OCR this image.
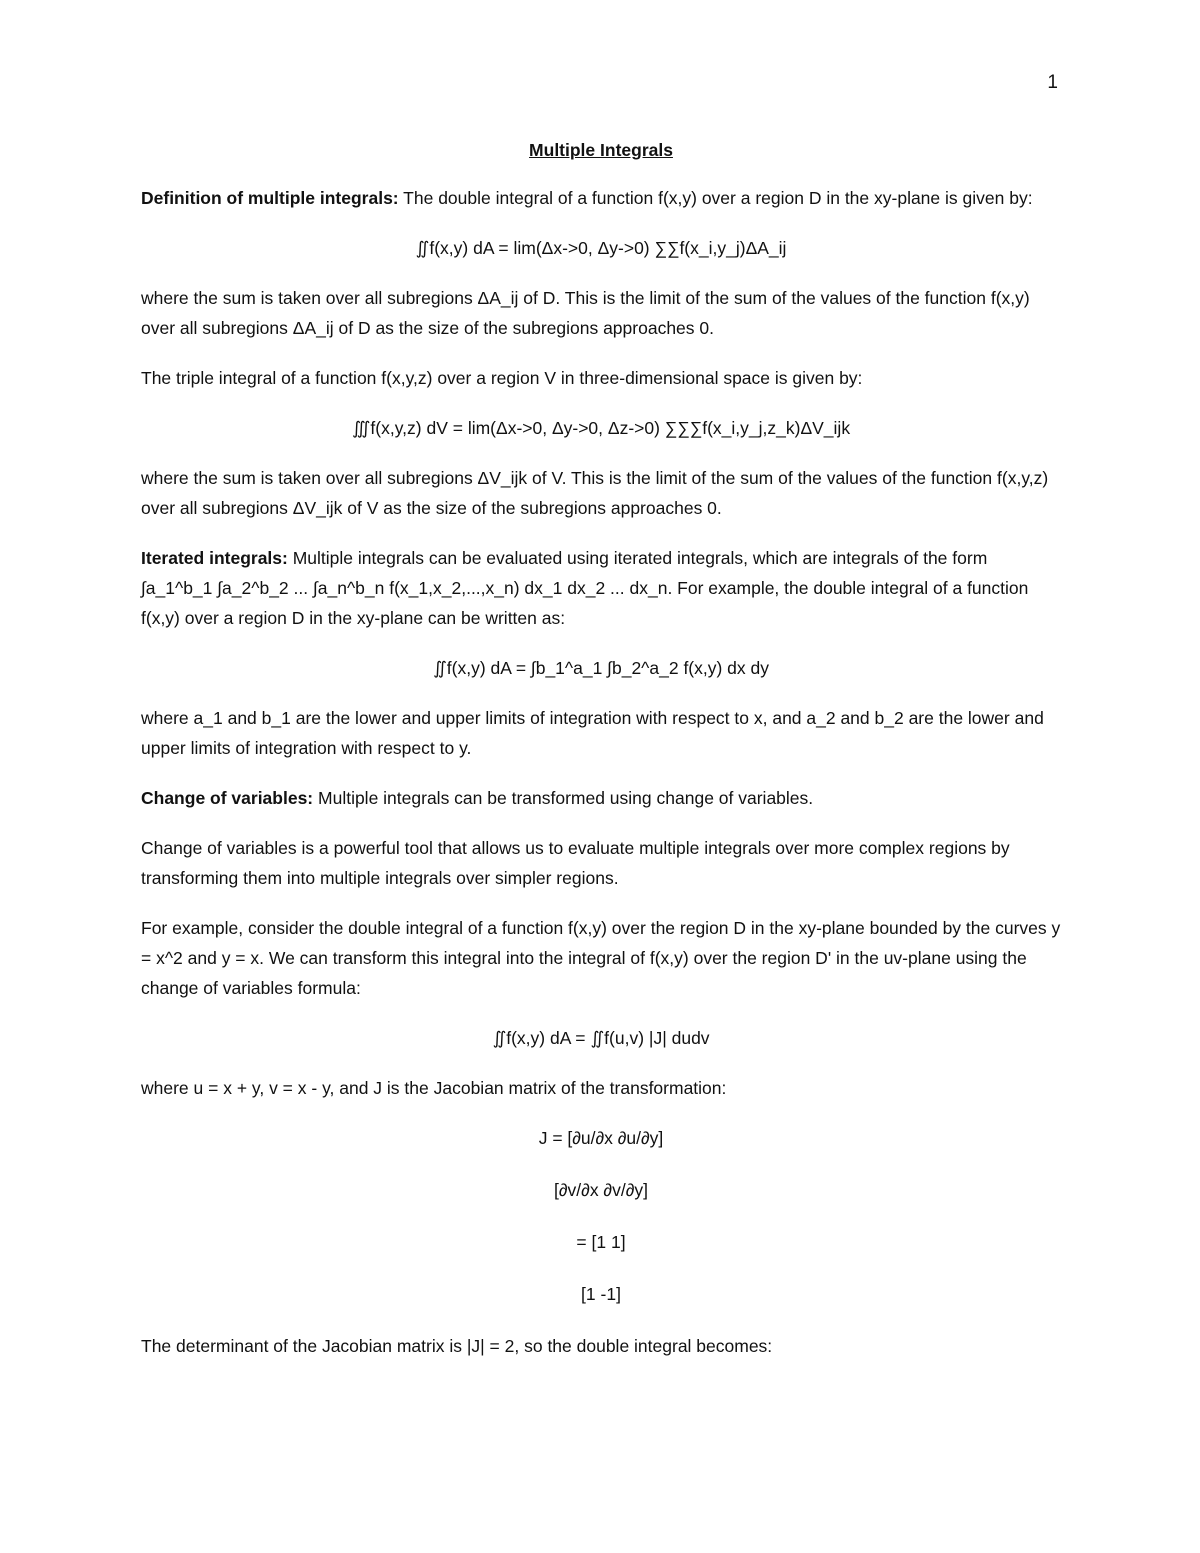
1
Multiple Integrals

Definition of multiple integrals: The double integral of a function f(x,y) over a region D in the xy-plane is given by:

∬f(x,y) dA = lim(Δx->0, Δy->0) ∑∑f(x_i,y_j)ΔA_ij

where the sum is taken over all subregions ΔA_ij of D. This is the limit of the sum of the values of the function f(x,y) over all subregions ΔA_ij of D as the size of the subregions approaches 0.

The triple integral of a function f(x,y,z) over a region V in three-dimensional space is given by:

∭f(x,y,z) dV = lim(Δx->0, Δy->0, Δz->0) ∑∑∑f(x_i,y_j,z_k)ΔV_ijk

where the sum is taken over all subregions ΔV_ijk of V. This is the limit of the sum of the values of the function f(x,y,z) over all subregions ΔV_ijk of V as the size of the subregions approaches 0.

Iterated integrals: Multiple integrals can be evaluated using iterated integrals, which are integrals of the form ∫a_1^b_1 ∫a_2^b_2 ... ∫a_n^b_n f(x_1,x_2,...,x_n) dx_1 dx_2 ... dx_n. For example, the double integral of a function f(x,y) over a region D in the xy-plane can be written as:

∬f(x,y) dA = ∫b_1^a_1 ∫b_2^a_2 f(x,y) dx dy

where a_1 and b_1 are the lower and upper limits of integration with respect to x, and a_2 and b_2 are the lower and upper limits of integration with respect to y.

Change of variables: Multiple integrals can be transformed using change of variables.

Change of variables is a powerful tool that allows us to evaluate multiple integrals over more complex regions by transforming them into multiple integrals over simpler regions.

For example, consider the double integral of a function f(x,y) over the region D in the xy-plane bounded by the curves y = x^2 and y = x. We can transform this integral into the integral of f(x,y) over the region D' in the uv-plane using the change of variables formula:

∬f(x,y) dA = ∬f(u,v) |J| dudv

where u = x + y, v = x - y, and J is the Jacobian matrix of the transformation:

J = [∂u/∂x ∂u/∂y]
[∂v/∂x ∂v/∂y]
= [1 1]
[1 -1]

The determinant of the Jacobian matrix is |J| = 2, so the double integral becomes:
